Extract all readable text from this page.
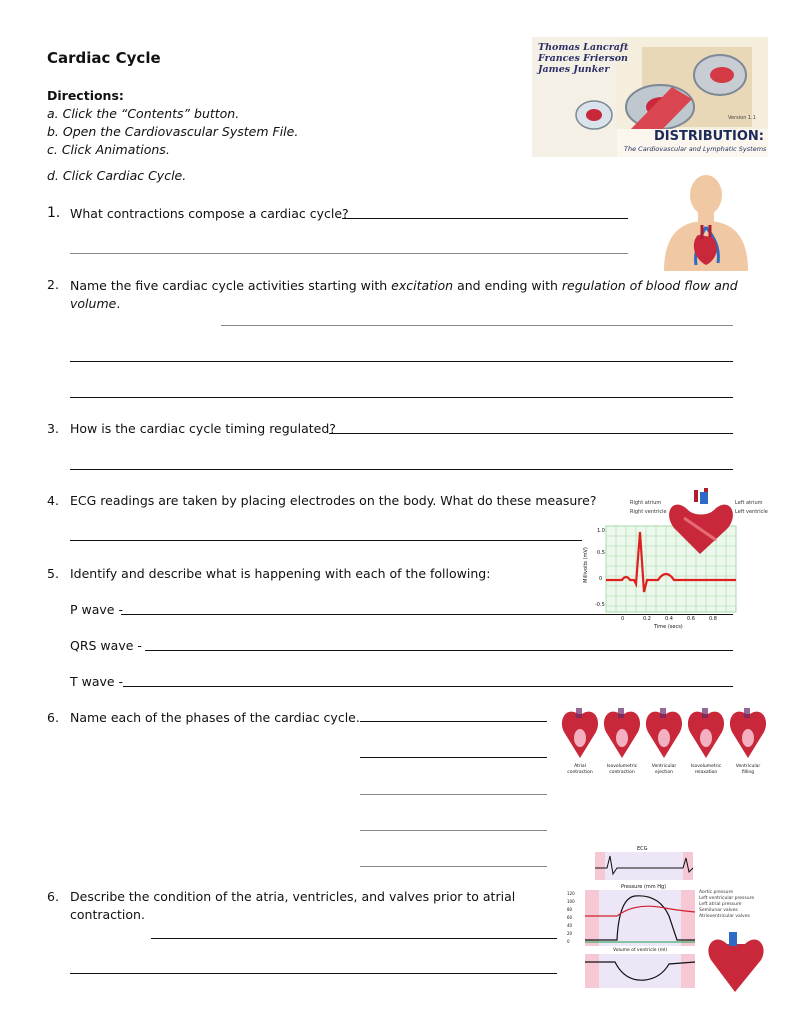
Cardiac Cycle
Directions:
a. Click the “Contents” button.
b. Open the Cardiovascular System File.
c. Click Animations.
d. Click Cardiac Cycle.
Thomas Lancraft
Frances Frierson
James Junker
Version 1.1
DISTRIBUTION:
The Cardiovascular and Lymphatic Systems
1. What contractions compose a cardiac cycle?
2. Name the five cardiac cycle activities starting with excitation and ending with regulation of blood flow and volume.
3. How is the cardiac cycle timing regulated?
4. ECG readings are taken by placing electrodes on the body. What do these measure?	Right atrium
Right ventricle
Left atrium
Left ventricle
1.0
0.5
0
-0.5
Millivolts (mV)
0	0.2	0.4	0.6	0.8
Time (secs)
5. Identify and describe what is happening with each of the following:
P wave -
QRS wave -
T wave -
6. Name each of the phases of the cardiac cycle.
Atrial contraction
Isovolumetric contraction
Ventricular ejection
Isovolumetric relaxation
Ventricular filling
ECG
Pressure (mm Hg)
Volume of ventricle (ml)
120
100
80
60
40
20
0
Aortic pressure
Left ventricular pressure
Left atrial pressure
Semilunar valves
Atrioventricular valves
6. Describe the condition of the atria, ventricles, and valves prior to atrial
contraction.
